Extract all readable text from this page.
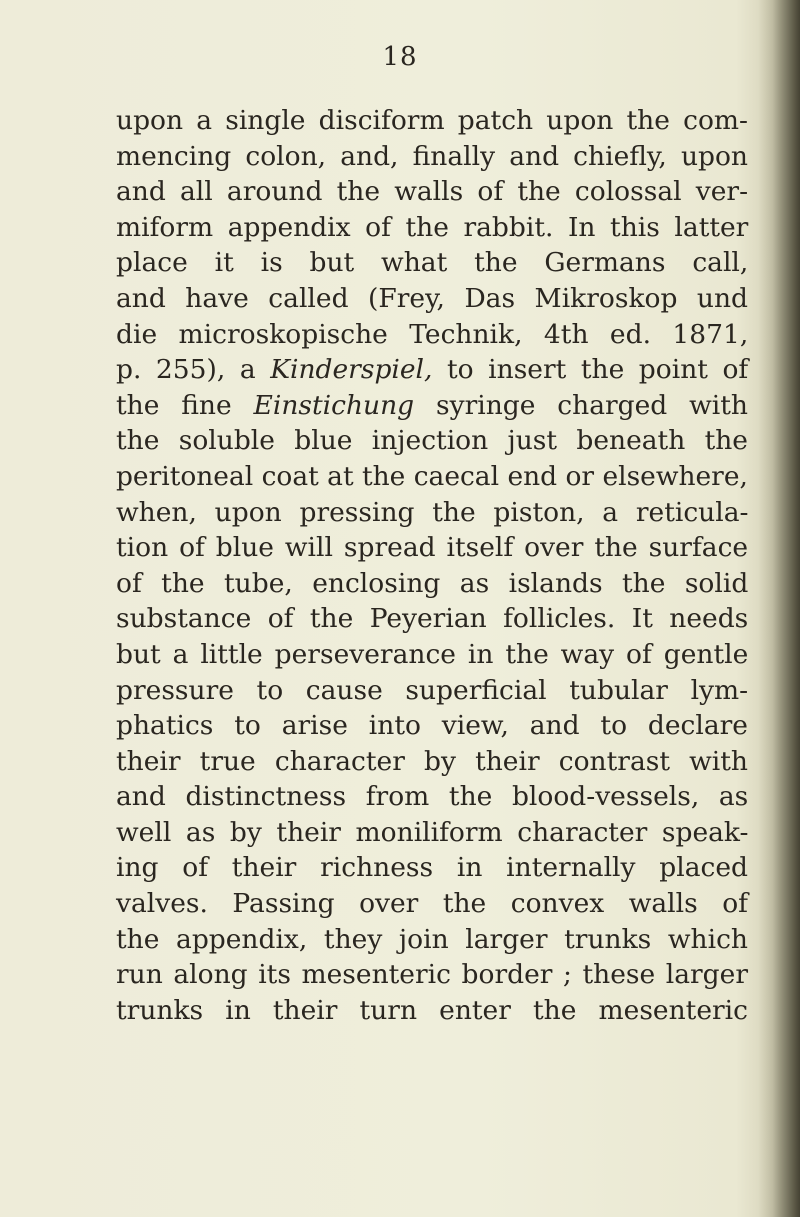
18
upon a single disciform patch upon the com-
mencing colon, and, finally and chiefly, upon
and all around the walls of the colossal ver-
miform appendix of the rabbit. In this latter
place it is but what the Germans call,
and have called (Frey, Das Mikroskop und
die microskopische Technik, 4th ed. 1871,
p. 255), a Kinderspiel, to insert the point of
the fine Einstichung syringe charged with
the soluble blue injection just beneath the
peritoneal coat at the caecal end or elsewhere,
when, upon pressing the piston, a reticula-
tion of blue will spread itself over the surface
of the tube, enclosing as islands the solid
substance of the Peyerian follicles. It needs
but a little perseverance in the way of gentle
pressure to cause superficial tubular lym-
phatics to arise into view, and to declare
their true character by their contrast with
and distinctness from the blood-vessels, as
well as by their moniliform character speak-
ing of their richness in internally placed
valves. Passing over the convex walls of
the appendix, they join larger trunks which
run along its mesenteric border ; these larger
trunks in their turn enter the mesenteric
